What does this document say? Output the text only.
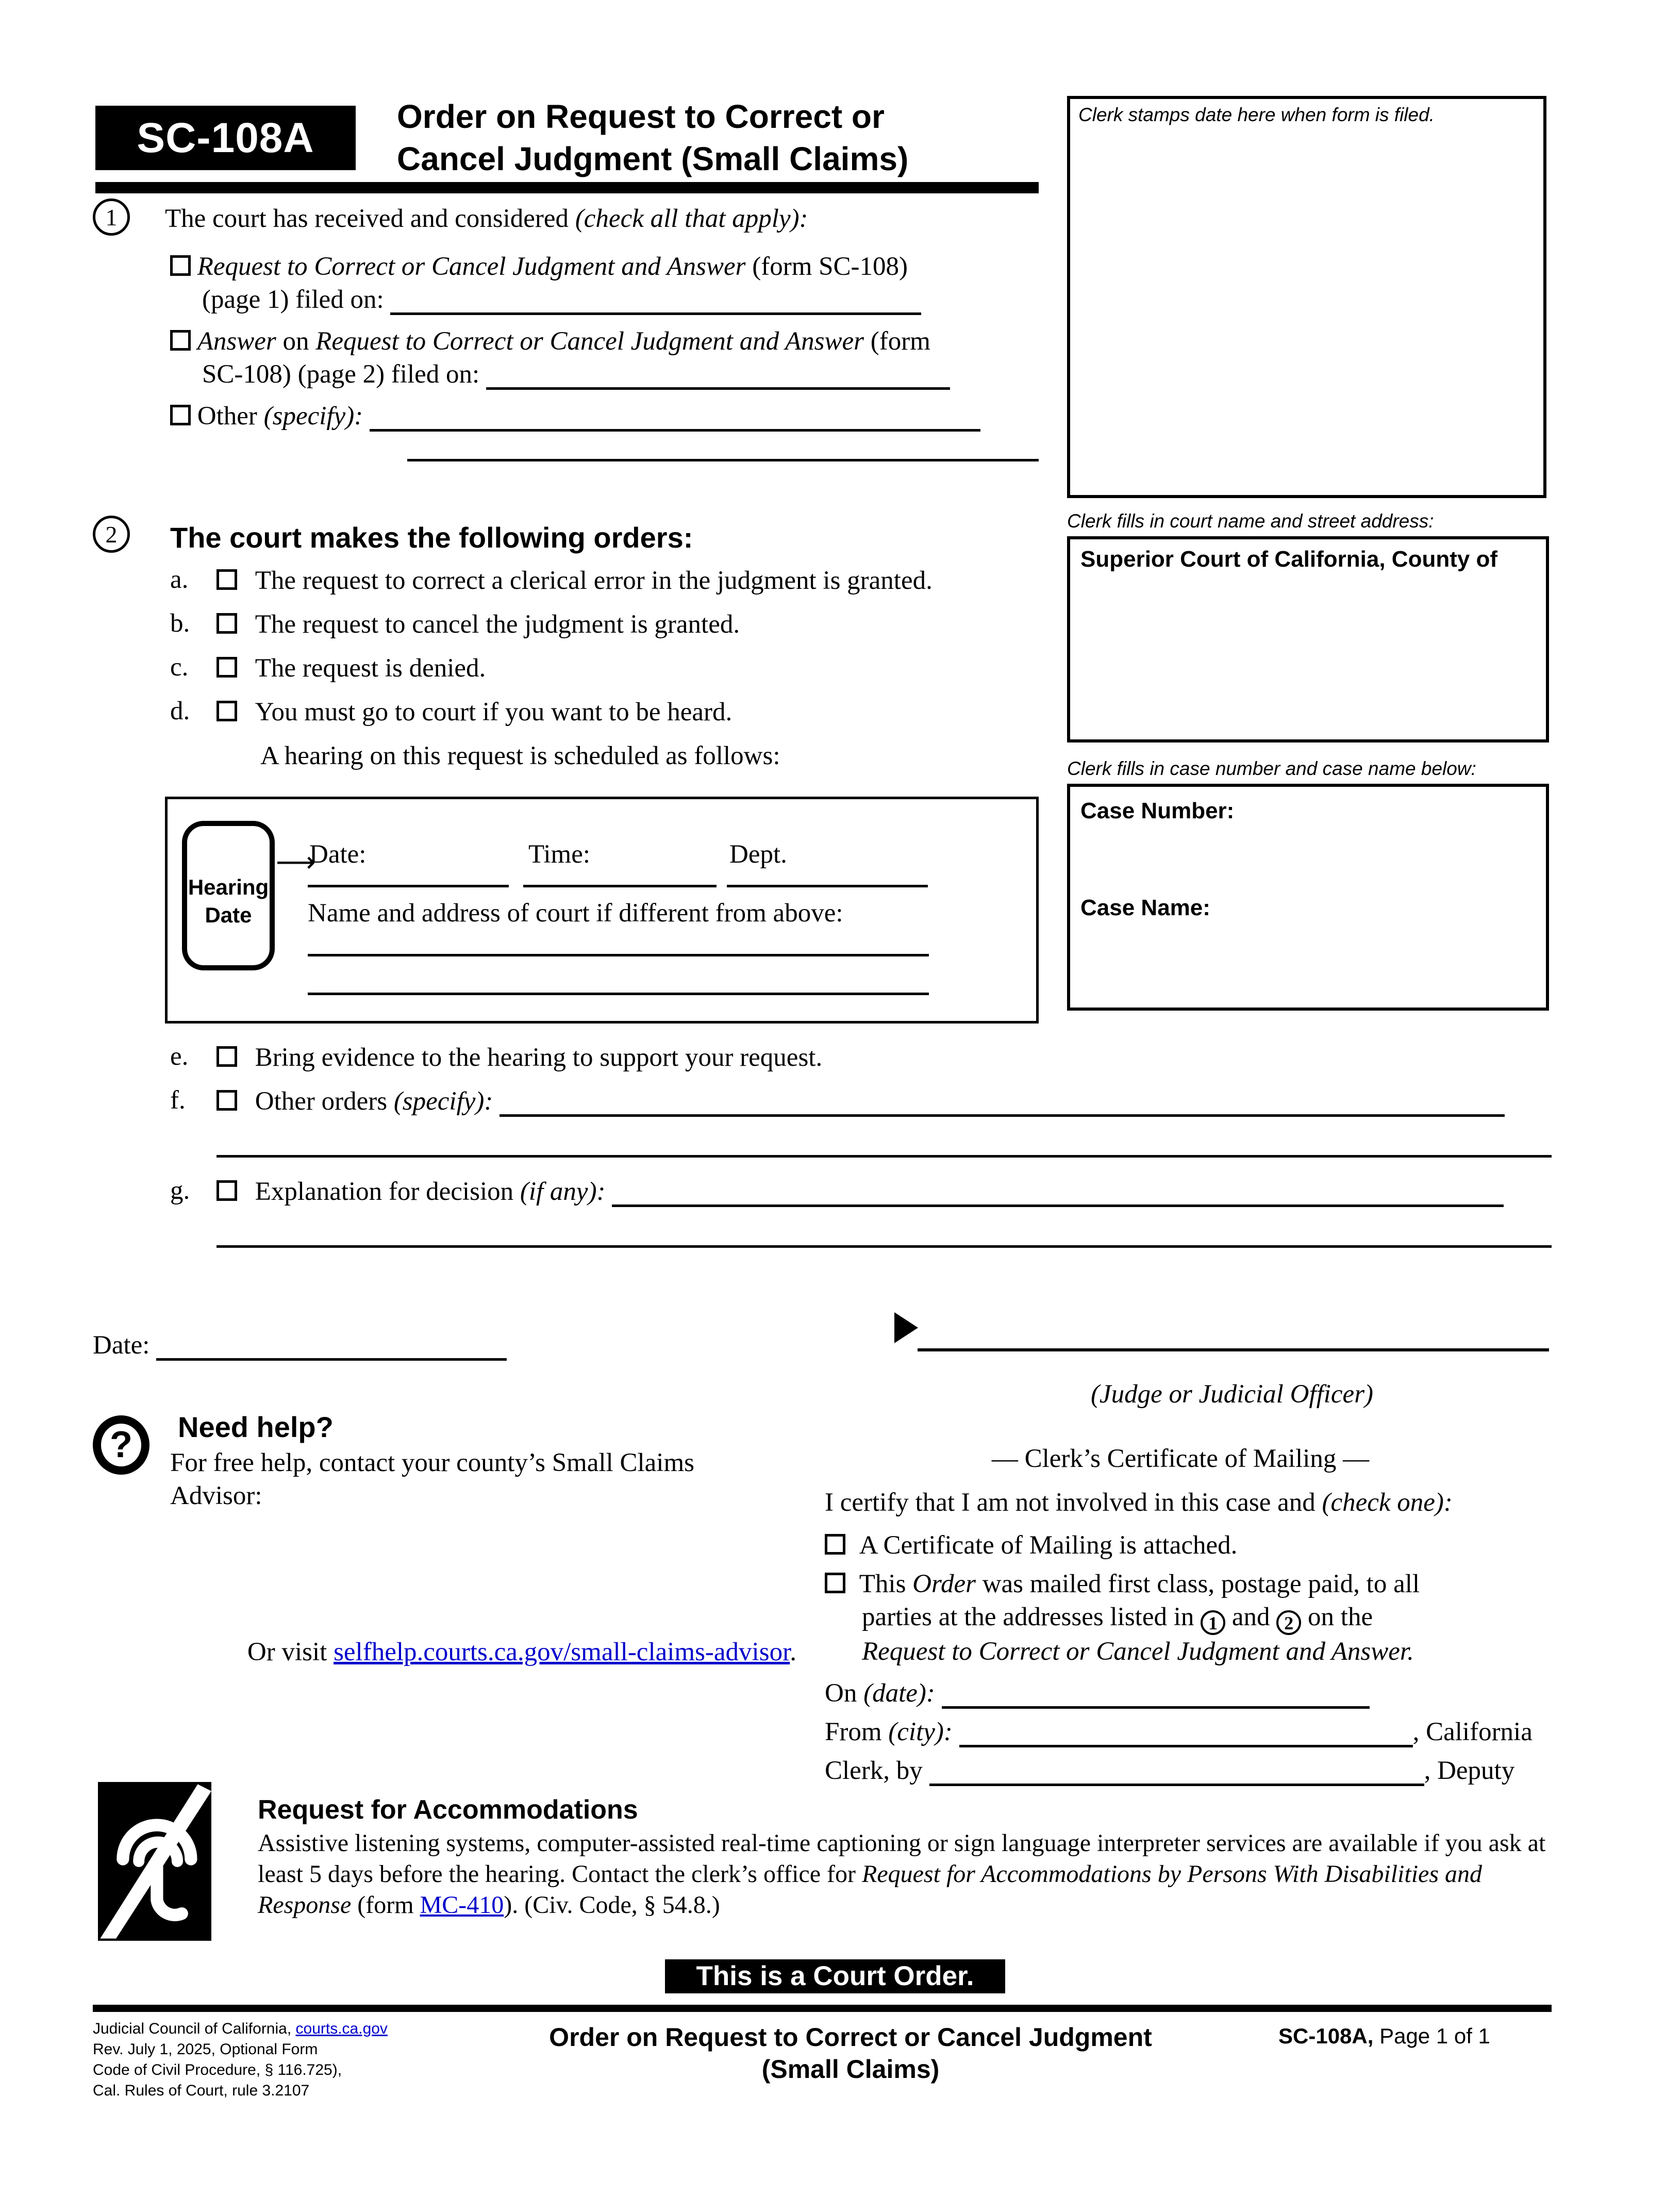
SC-108A	Order on Request to Correct or
Cancel Judgment (Small Claims)
Clerk stamps date here when form is filed.
Clerk fills in court name and street address:
Superior Court of California, County of
Clerk fills in case number and case name below:
Case Number:
Case Name:
1	The court has received and considered (check all that apply):
Request to Correct or Cancel Judgment and Answer (form SC-108)
(page 1) filed on:
Answer on Request to Correct or Cancel Judgment and Answer (form
SC-108) (page 2) filed on:
Other (specify):
2	The court makes the following orders:
a.	The request to correct a clerical error in the judgment is granted.
b.	The request to cancel the judgment is granted.
c.	The request is denied.
d.	You must go to court if you want to be heard.
A hearing on this request is scheduled as follows:
Hearing
Date
⟶
Date:	Time:	Dept.
Name and address of court if different from above:
e.	Bring evidence to the hearing to support your request.
f.	Other orders (specify):
g.	Explanation for decision (if any):
Date:
(Judge or Judicial Officer)
?	Need help?
For free help, contact your county’s Small Claims Advisor:
Or visit selfhelp.courts.ca.gov/small-claims-advisor.
— Clerk’s Certificate of Mailing —
I certify that I am not involved in this case and (check one):
A Certificate of Mailing is attached.
This Order was mailed first class, postage paid, to all
parties at the addresses listed in 1 and 2 on the
Request to Correct or Cancel Judgment and Answer.
On (date):
From (city):	, California
Clerk, by	, Deputy
Request for Accommodations
Assistive listening systems, computer-assisted real-time captioning or sign language interpreter services are available if you ask at least 5 days before the hearing. Contact the clerk’s office for Request for Accommodations by Persons With Disabilities and Response (form MC-410). (Civ. Code, § 54.8.)
This is a Court Order.
Judicial Council of California, courts.ca.gov
Rev. July 1, 2025, Optional Form
Code of Civil Procedure, § 116.725),
Cal. Rules of Court, rule 3.2107
Order on Request to Correct or Cancel Judgment
(Small Claims)
SC-108A, Page 1 of 1
